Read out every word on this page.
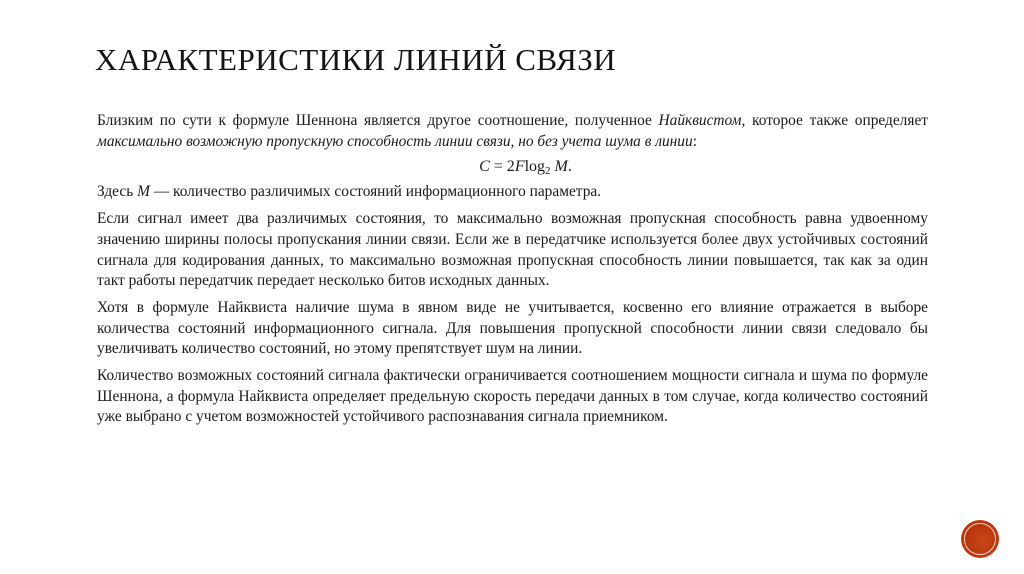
ХАРАКТЕРИСТИКИ ЛИНИЙ СВЯЗИ

Близким по сути к формуле Шеннона является другое соотношение, полученное Найквистом, которое также определяет максимально возможную пропускную способность линии связи, но без учета шума в линии:

C = 2Flog$_2$ M.

Здесь M — количество различимых состояний информационного параметра.

Если сигнал имеет два различимых состояния, то максимально возможная пропускная способность равна удвоенному значению ширины полосы пропускания линии связи. Если же в передатчике используется более двух устойчивых состояний сигнала для кодирования данных, то максимально возможная пропускная способность линии повышается, так как за один такт работы передатчик передает несколько битов исходных данных.

Хотя в формуле Найквиста наличие шума в явном виде не учитывается, косвенно его влияние отражается в выборе количества состояний информационного сигнала. Для повышения пропускной способности линии связи следовало бы увеличивать количество состояний, но этому препятствует шум на линии.

Количество возможных состояний сигнала фактически ограничивается соотношением мощности сигнала и шума по формуле Шеннона, а формула Найквиста определяет предельную скорость передачи данных в том случае, когда количество состояний уже выбрано с учетом возможностей устойчивого распознавания сигнала приемником.
